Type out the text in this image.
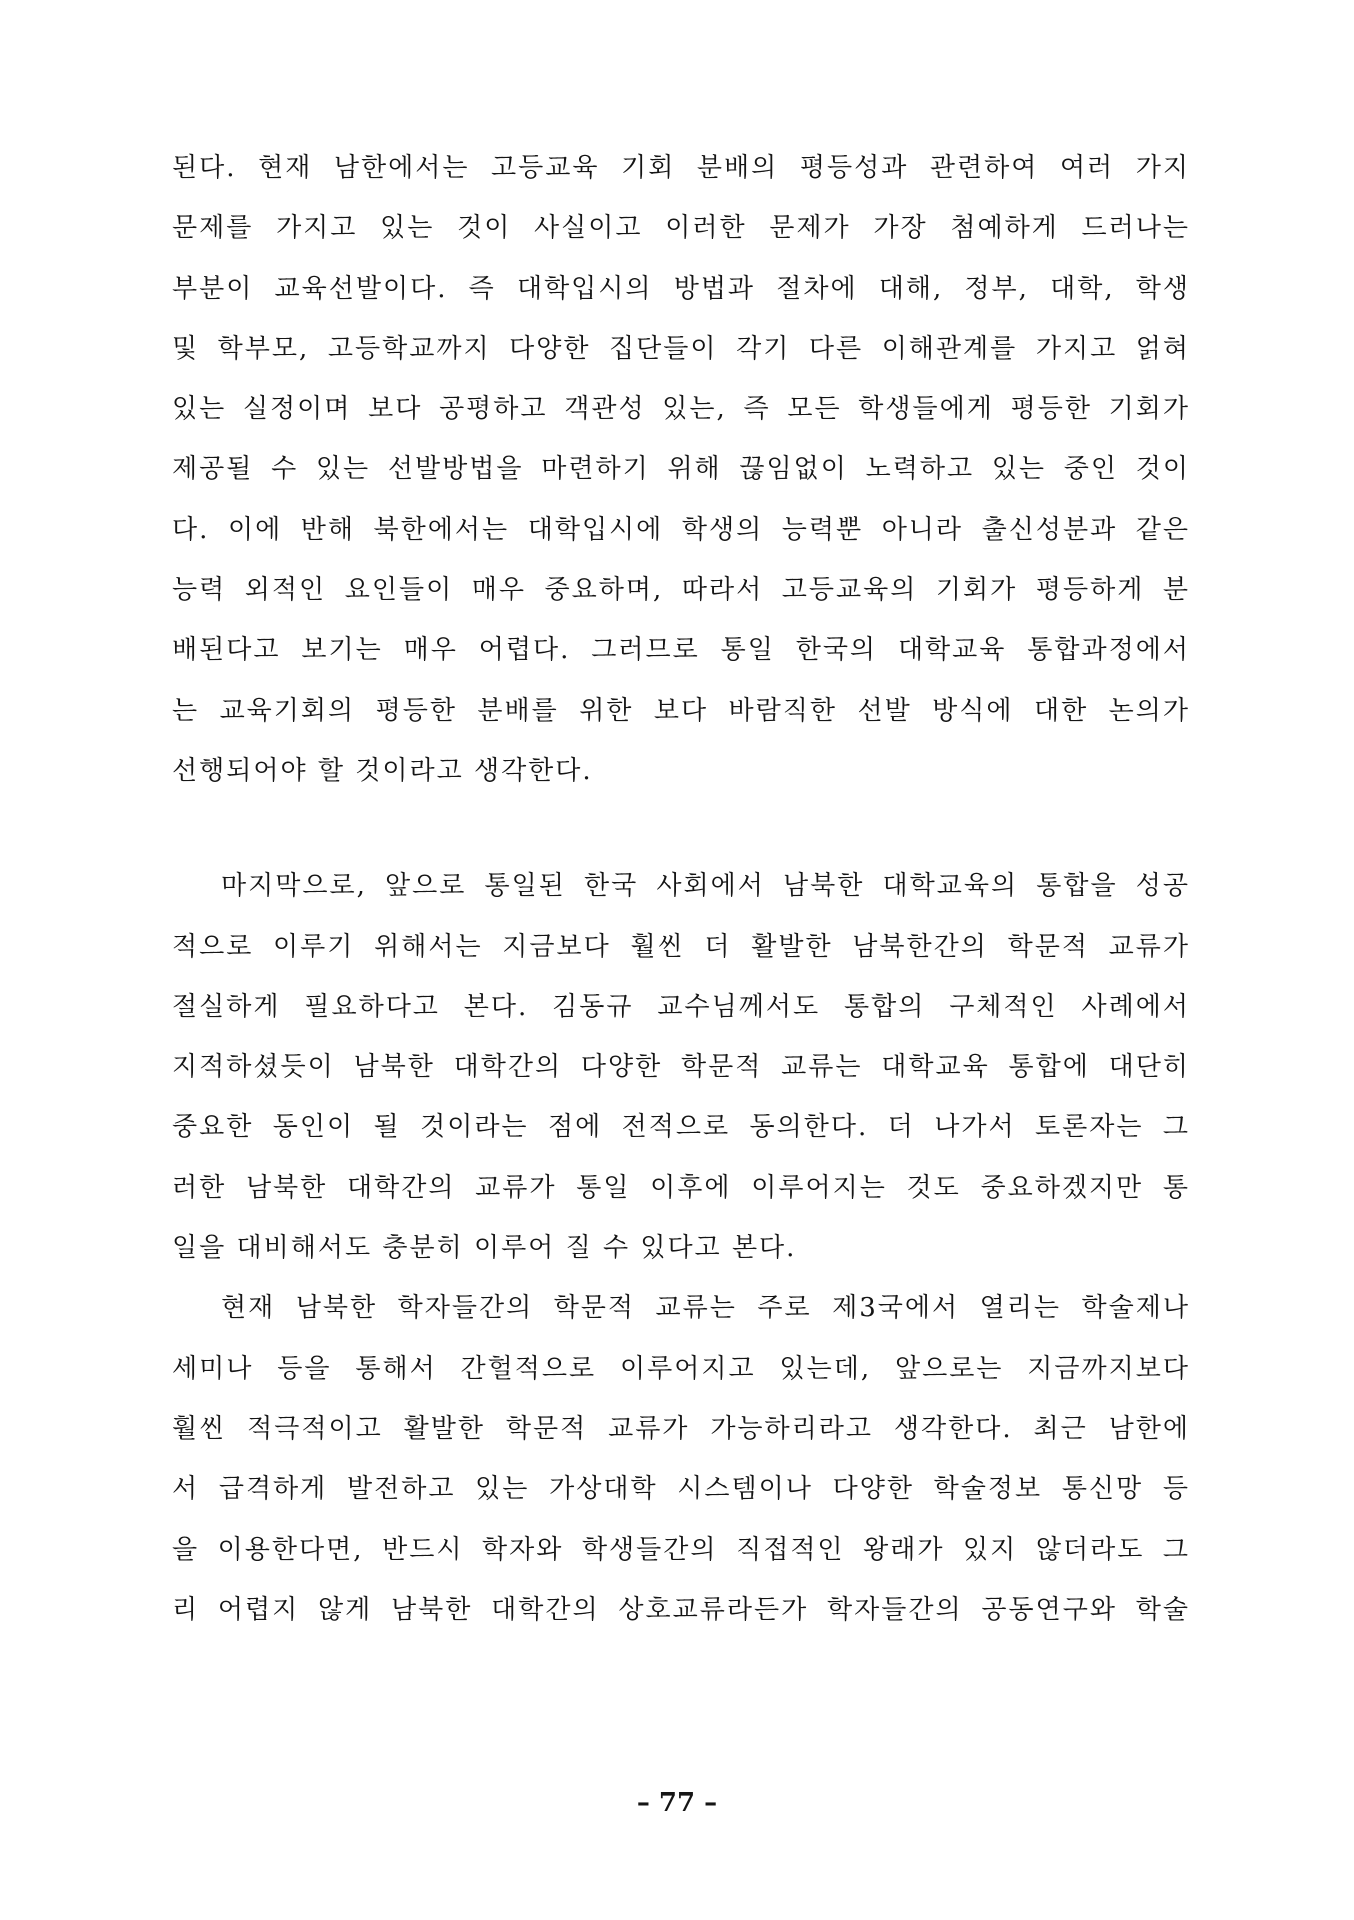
된다. 현재 남한에서는 고등교육 기회 분배의 평등성과 관련하여 여러 가지
문제를 가지고 있는 것이 사실이고 이러한 문제가 가장 첨예하게 드러나는
부분이 교육선발이다. 즉 대학입시의 방법과 절차에 대해, 정부, 대학, 학생
및 학부모, 고등학교까지 다양한 집단들이 각기 다른 이해관계를 가지고 얽혀
있는 실정이며 보다 공평하고 객관성 있는, 즉 모든 학생들에게 평등한 기회가
제공될 수 있는 선발방법을 마련하기 위해 끊임없이 노력하고 있는 중인 것이
다. 이에 반해 북한에서는 대학입시에 학생의 능력뿐 아니라 출신성분과 같은
능력 외적인 요인들이 매우 중요하며, 따라서 고등교육의 기회가 평등하게 분
배된다고 보기는 매우 어렵다. 그러므로 통일 한국의 대학교육 통합과정에서
는 교육기회의 평등한 분배를 위한 보다 바람직한 선발 방식에 대한 논의가
선행되어야 할 것이라고 생각한다.
마지막으로, 앞으로 통일된 한국 사회에서 남북한 대학교육의 통합을 성공
적으로 이루기 위해서는 지금보다 훨씬 더 활발한 남북한간의 학문적 교류가
절실하게 필요하다고 본다. 김동규 교수님께서도 통합의 구체적인 사례에서
지적하셨듯이 남북한 대학간의 다양한 학문적 교류는 대학교육 통합에 대단히
중요한 동인이 될 것이라는 점에 전적으로 동의한다. 더 나가서 토론자는 그
러한 남북한 대학간의 교류가 통일 이후에 이루어지는 것도 중요하겠지만 통
일을 대비해서도 충분히 이루어 질 수 있다고 본다.
현재 남북한 학자들간의 학문적 교류는 주로 제3국에서 열리는 학술제나
세미나 등을 통해서 간헐적으로 이루어지고 있는데, 앞으로는 지금까지보다
훨씬 적극적이고 활발한 학문적 교류가 가능하리라고 생각한다. 최근 남한에
서 급격하게 발전하고 있는 가상대학 시스템이나 다양한 학술정보 통신망 등
을 이용한다면, 반드시 학자와 학생들간의 직접적인 왕래가 있지 않더라도 그
리 어렵지 않게 남북한 대학간의 상호교류라든가 학자들간의 공동연구와 학술
– 77 –
